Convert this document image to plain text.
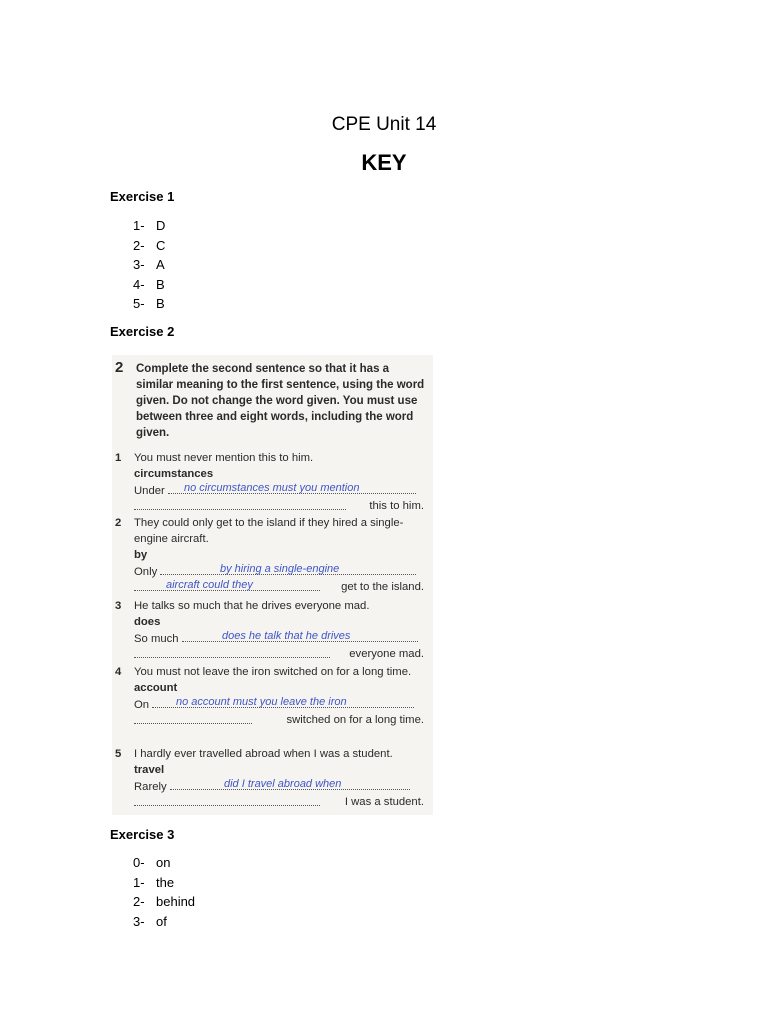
CPE Unit 14
KEY
Exercise 1
1- D
2- C
3- A
4- B
5- B
Exercise 2
2 Complete the second sentence so that it has a similar meaning to the first sentence, using the word given. Do not change the word given. You must use between three and eight words, including the word given.
1	You must never mention this to him.
circumstances
Under no circumstances must you mention
this to him.
2	They could only get to the island if they hired a single-engine aircraft.
by
Only	by hiring a single-engine
aircraft could they	get to the island.
3	He talks so much that he drives everyone mad.
does
So much	does he talk that he drives
everyone mad.
4	You must not leave the iron switched on for a long time.
account
On no account must you leave the iron
switched on for a long time.
5	I hardly ever travelled abroad when I was a student.
travel
Rarely	did I travel abroad when
I was a student.
Exercise 3
0- on
1- the
2- behind
3- of
